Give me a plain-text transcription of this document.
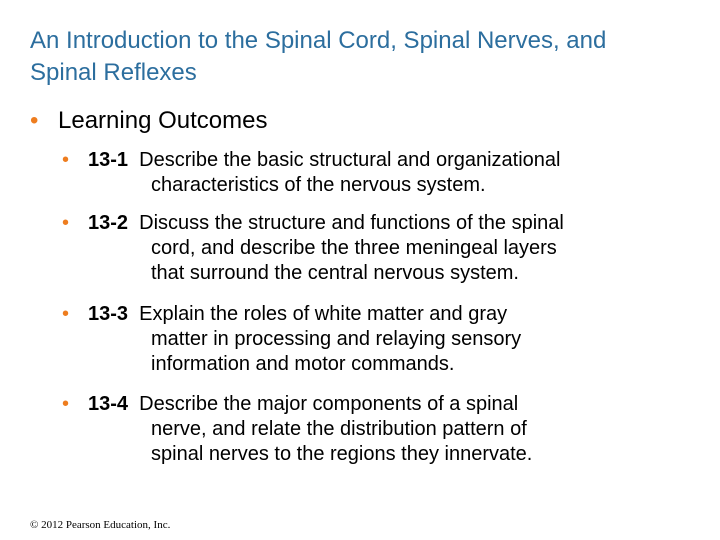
An Introduction to the Spinal Cord, Spinal Nerves, and
Spinal Reflexes
• Learning Outcomes
• 13-1 Describe the basic structural and organizational
characteristics of the nervous system.
• 13-2 Discuss the structure and functions of the spinal
cord, and describe the three meningeal layers
that surround the central nervous system.
• 13-3 Explain the roles of white matter and gray
matter in processing and relaying sensory
information and motor commands.
• 13-4 Describe the major components of a spinal
nerve, and relate the distribution pattern of
spinal nerves to the regions they innervate.
© 2012 Pearson Education, Inc.
